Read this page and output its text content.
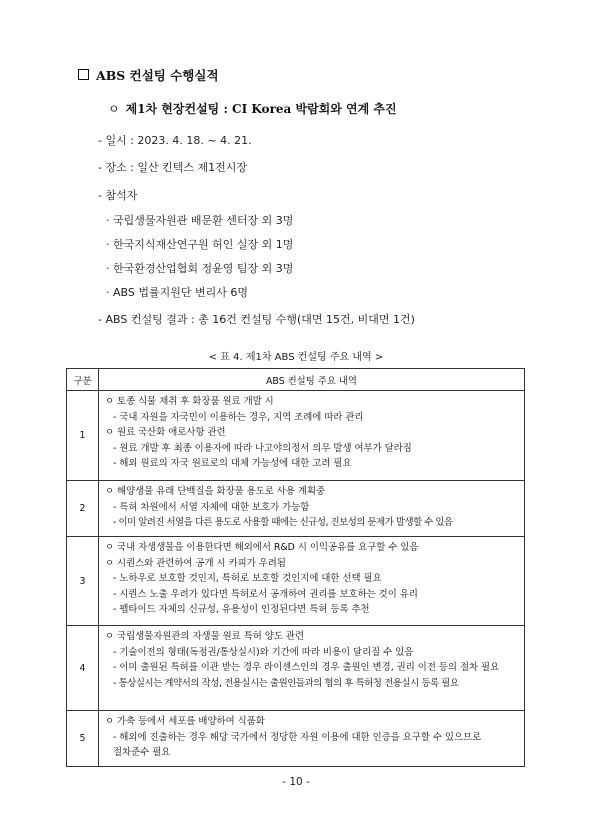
ABS 컨설팅 수행실적
ㅇ 제1차 현장컨설팅 : CI Korea 박람회와 연계 추진
- 일시 : 2023. 4. 18. ~ 4. 21.
- 장소 : 일산 킨텍스 제1전시장
- 참석자
· 국립생물자원관 배문환 센터장 외 3명
· 한국지식재산연구원 허인 실장 외 1명
· 한국환경산업협회 정윤영 팀장 외 3명
· ABS 법률지원단 변리사 6명
- ABS 컨설팅 결과 : 총 16건 컨설팅 수행(대면 15건, 비대면 1건)
< 표 4. 제1차 ABS 컨설팅 주요 내역 >
구분	ABS 컨설팅 주요 내역
1	ㅇ 토종 식물 채취 후 화장품 원료 개발 시
- 국내 자원을 자국민이 이용하는 경우, 지역 조례에 따라 관리
ㅇ 원료 국산화 애로사항 관련
- 원료 개발 후 최종 이용자에 따라 나고야의정서 의무 발생 여부가 달라짐
- 해외 원료의 자국 원료로의 대체 가능성에 대한 고려 필요

2	ㅇ 해양생물 유래 단백질을 화장품 용도로 사용 계획중
- 특허 차원에서 서열 자체에 대한 보호가 가능함
- 이미 알려진 서열을 다른 용도로 사용할 때에는 신규성, 진보성의 문제가 발생할 수 있음

3	ㅇ 국내 자생생물을 이용한다면 해외에서 R&D 시 이익공유를 요구할 수 있음
ㅇ 시퀀스와 관련하여 공개 시 카피가 우려됨
- 노하우로 보호할 것인지, 특허로 보호할 것인지에 대한 선택 필요
- 시퀀스 노출 우려가 있다면 특허로서 공개하여 권리를 보호하는 것이 유리
- 펩타이드 자체의 신규성, 유용성이 인정된다면 특허 등록 추천

4	ㅇ 국립생물자원관의 자생물 원료 특허 양도 관련
- 기술이전의 형태(독점권/통상실시)와 기간에 따라 비용이 달리질 수 있음
- 이미 출원된 특허를 이관 받는 경우 라이센스인의 경우 출원인 변경, 권리 이전 등의 절차 필요
- 통상실시는 계약서의 작성, 전용실시는 출원인들과의 협의 후 특허청 전용실시 등록 필요

5	ㅇ 가축 등에서 세포를 배양하여 식품화
- 해외에 진출하는 경우 해당 국가에서 정당한 자원 이용에 대한 인증을 요구할 수 있으므로 절차준수 필요
- 10 -
